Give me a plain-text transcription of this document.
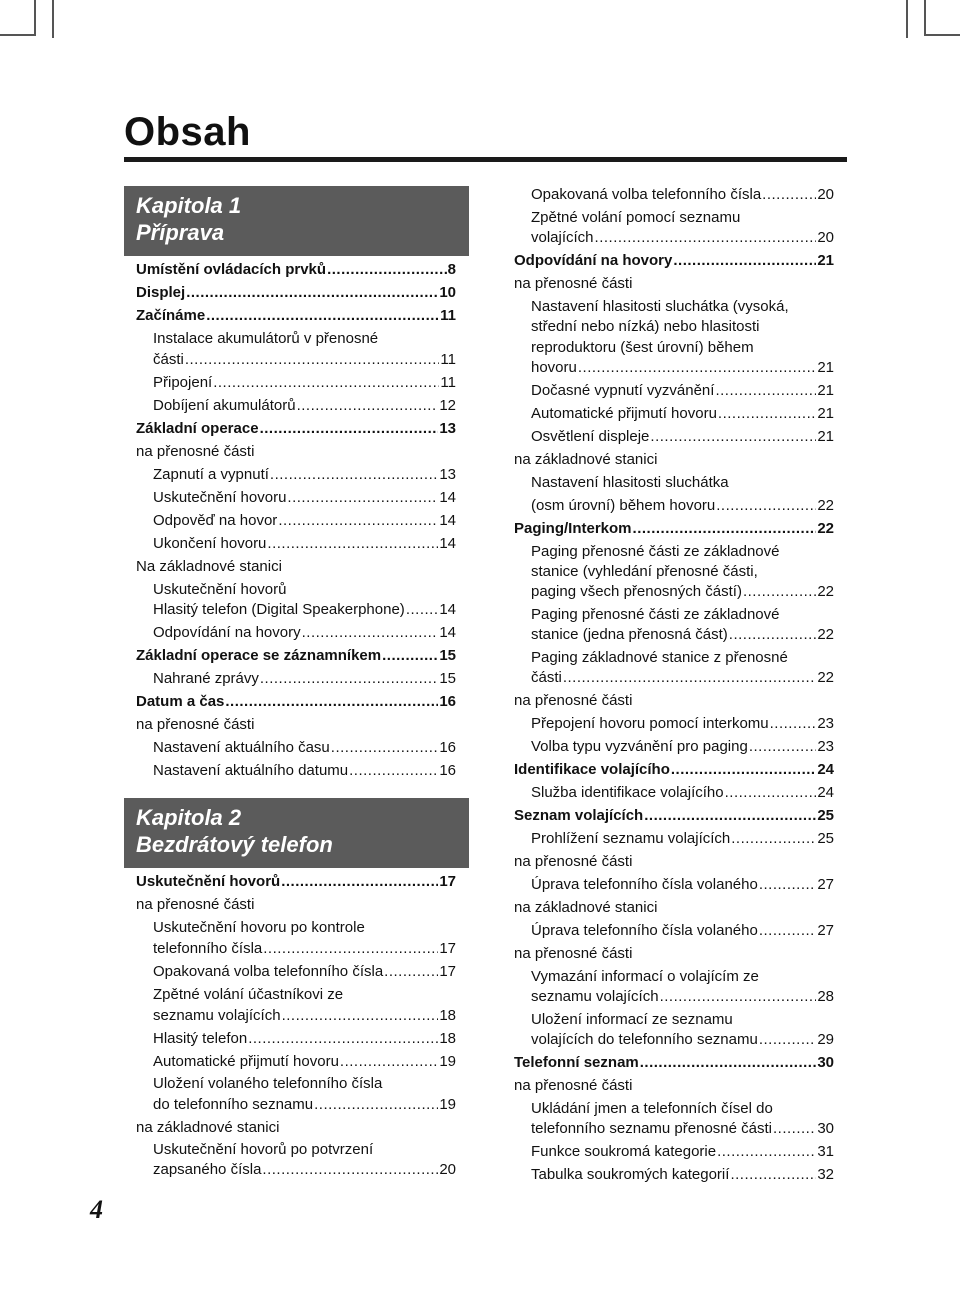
Obsah
Kapitola 1
Příprava
Kapitola 2
Bezdrátový telefon
Umístění ovládacích prvků .....	8
Displej .....	10
Začínáme .....	11
Instalace akumulátorů v přenosné
části .....	11
Připojení .....	11
Dobíjení akumulátorů .....	12
Základní operace .....	13
na přenosné části
Zapnutí a vypnutí .....	13
Uskutečnění hovoru .....	14
Odpověď na hovor .....	14
Ukončení hovoru .....	14
Na základnové stanici
Uskutečnění hovorů
Hlasitý telefon (Digital Speakerphone) ..... 14
Odpovídání na hovory .....	14
Základní operace se záznamníkem .....	15
Nahrané zprávy .....	15
Datum a čas .....	16
na přenosné části
Nastavení aktuálního času .....	16
Nastavení aktuálního datumu .....	16
Uskutečnění hovorů .....	17
na přenosné části
Uskutečnění hovoru po kontrole
telefonního čísla .....	17
Opakovaná volba telefonního čísla .....	17
Zpětné volání účastníkovi ze
seznamu volajících .....	18
Hlasitý telefon .....	18
Automatické přijmutí hovoru .....	19
Uložení volaného telefonního čísla
do telefonního seznamu .....	19
na základnové stanici
Uskutečnění hovorů po potvrzení
zapsaného čísla .....	20
Opakovaná volba telefonního čísla .....	20
Zpětné volání pomocí seznamu
volajících .....	20
Odpovídání na hovory .....	21
na přenosné části
Nastavení hlasitosti sluchátka (vysoká,
střední nebo nízká) nebo hlasitosti
reproduktoru (šest úrovní) během
hovoru .....	21
Dočasné vypnutí vyzvánění .....	21
Automatické přijmutí hovoru .....	21
Osvětlení displeje .....	21
na základnové stanici
Nastavení hlasitosti sluchátka
(osm úrovní) během hovoru .....	22
Paging/Interkom .....	22
Paging přenosné části ze základnové
stanice (vyhledání přenosné části,
paging všech přenosných částí) .....	22
Paging přenosné části ze základnové
stanice (jedna přenosná část) .....	22
Paging základnové stanice z přenosné
části .....	22
na přenosné části
Přepojení hovoru pomocí interkomu .....	23
Volba typu vyzvánění pro paging .....	23
Identifikace volajícího .....	24
Služba identifikace volajícího .....	24
Seznam volajících .....	25
Prohlížení seznamu volajících .....	25
na přenosné části
Úprava telefonního čísla volaného .....	27
na základnové stanici
Úprava telefonního čísla volaného .....	27
na přenosné části
Vymazání informací o volajícím ze
seznamu volajících .....	28
Uložení informací ze seznamu
volajících do telefonního seznamu .....	29
Telefonní seznam .....	30
na přenosné části
Ukládání jmen a telefonních čísel do
telefonního seznamu přenosné části .....	30
Funkce soukromá kategorie .....	31
Tabulka soukromých kategorií .....	32
4
